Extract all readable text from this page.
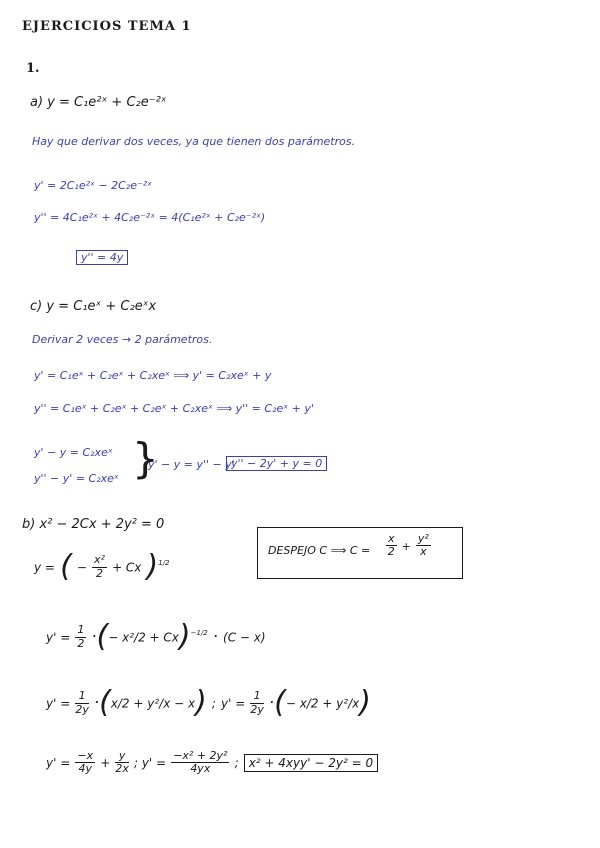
EJERCICIOS TEMA 1
1.
a) y = C₁e²ˣ + C₂e⁻²ˣ
Hay que derivar dos veces, ya que tienen dos parámetros.
y' = 2C₁e²ˣ − 2C₂e⁻²ˣ
y'' = 4C₁e²ˣ + 4C₂e⁻²ˣ = 4(C₁e²ˣ + C₂e⁻²ˣ)
y'' = 4y
c) y = C₁eˣ + C₂eˣx
Derivar 2 veces → 2 parámetros.
y' = C₁eˣ + C₂eˣ + C₂xeˣ ⟹ y' = C₂xeˣ + y
y'' = C₁eˣ + C₂eˣ + C₂eˣ + C₂xeˣ ⟹ y'' = C₂eˣ + y'
y' − y = C₂xeˣ
y'' − y' = C₂xeˣ }
y' − y = y'' − y'
y'' − 2y' + y = 0
b) x² − 2Cx + 2y² = 0
DESPEJO C ⟹ $C = \frac{x}{2} + \frac{\text{y²}}{x}$
y = ( − $\frac{\text{x²}}{2} + Cx$ )$^{1/2}$
$y' = \frac{1}{2}$ ·(− x²/2 + Cx)$^{-1/2}$ · (C − x)
$y' = \frac{1}{2y} \cdot(x/2 + y^2/x - x)$ ; $y' = \frac{1}{2y}$ ·(− x/2 + y²/x)
$y' = \frac{-x}{4y} + \frac{y}{2x}$ ; $y' = \frac{\text{−x² + 2y²}}{4yx}$ ; x² + 4xyy' − 2y² = 0
